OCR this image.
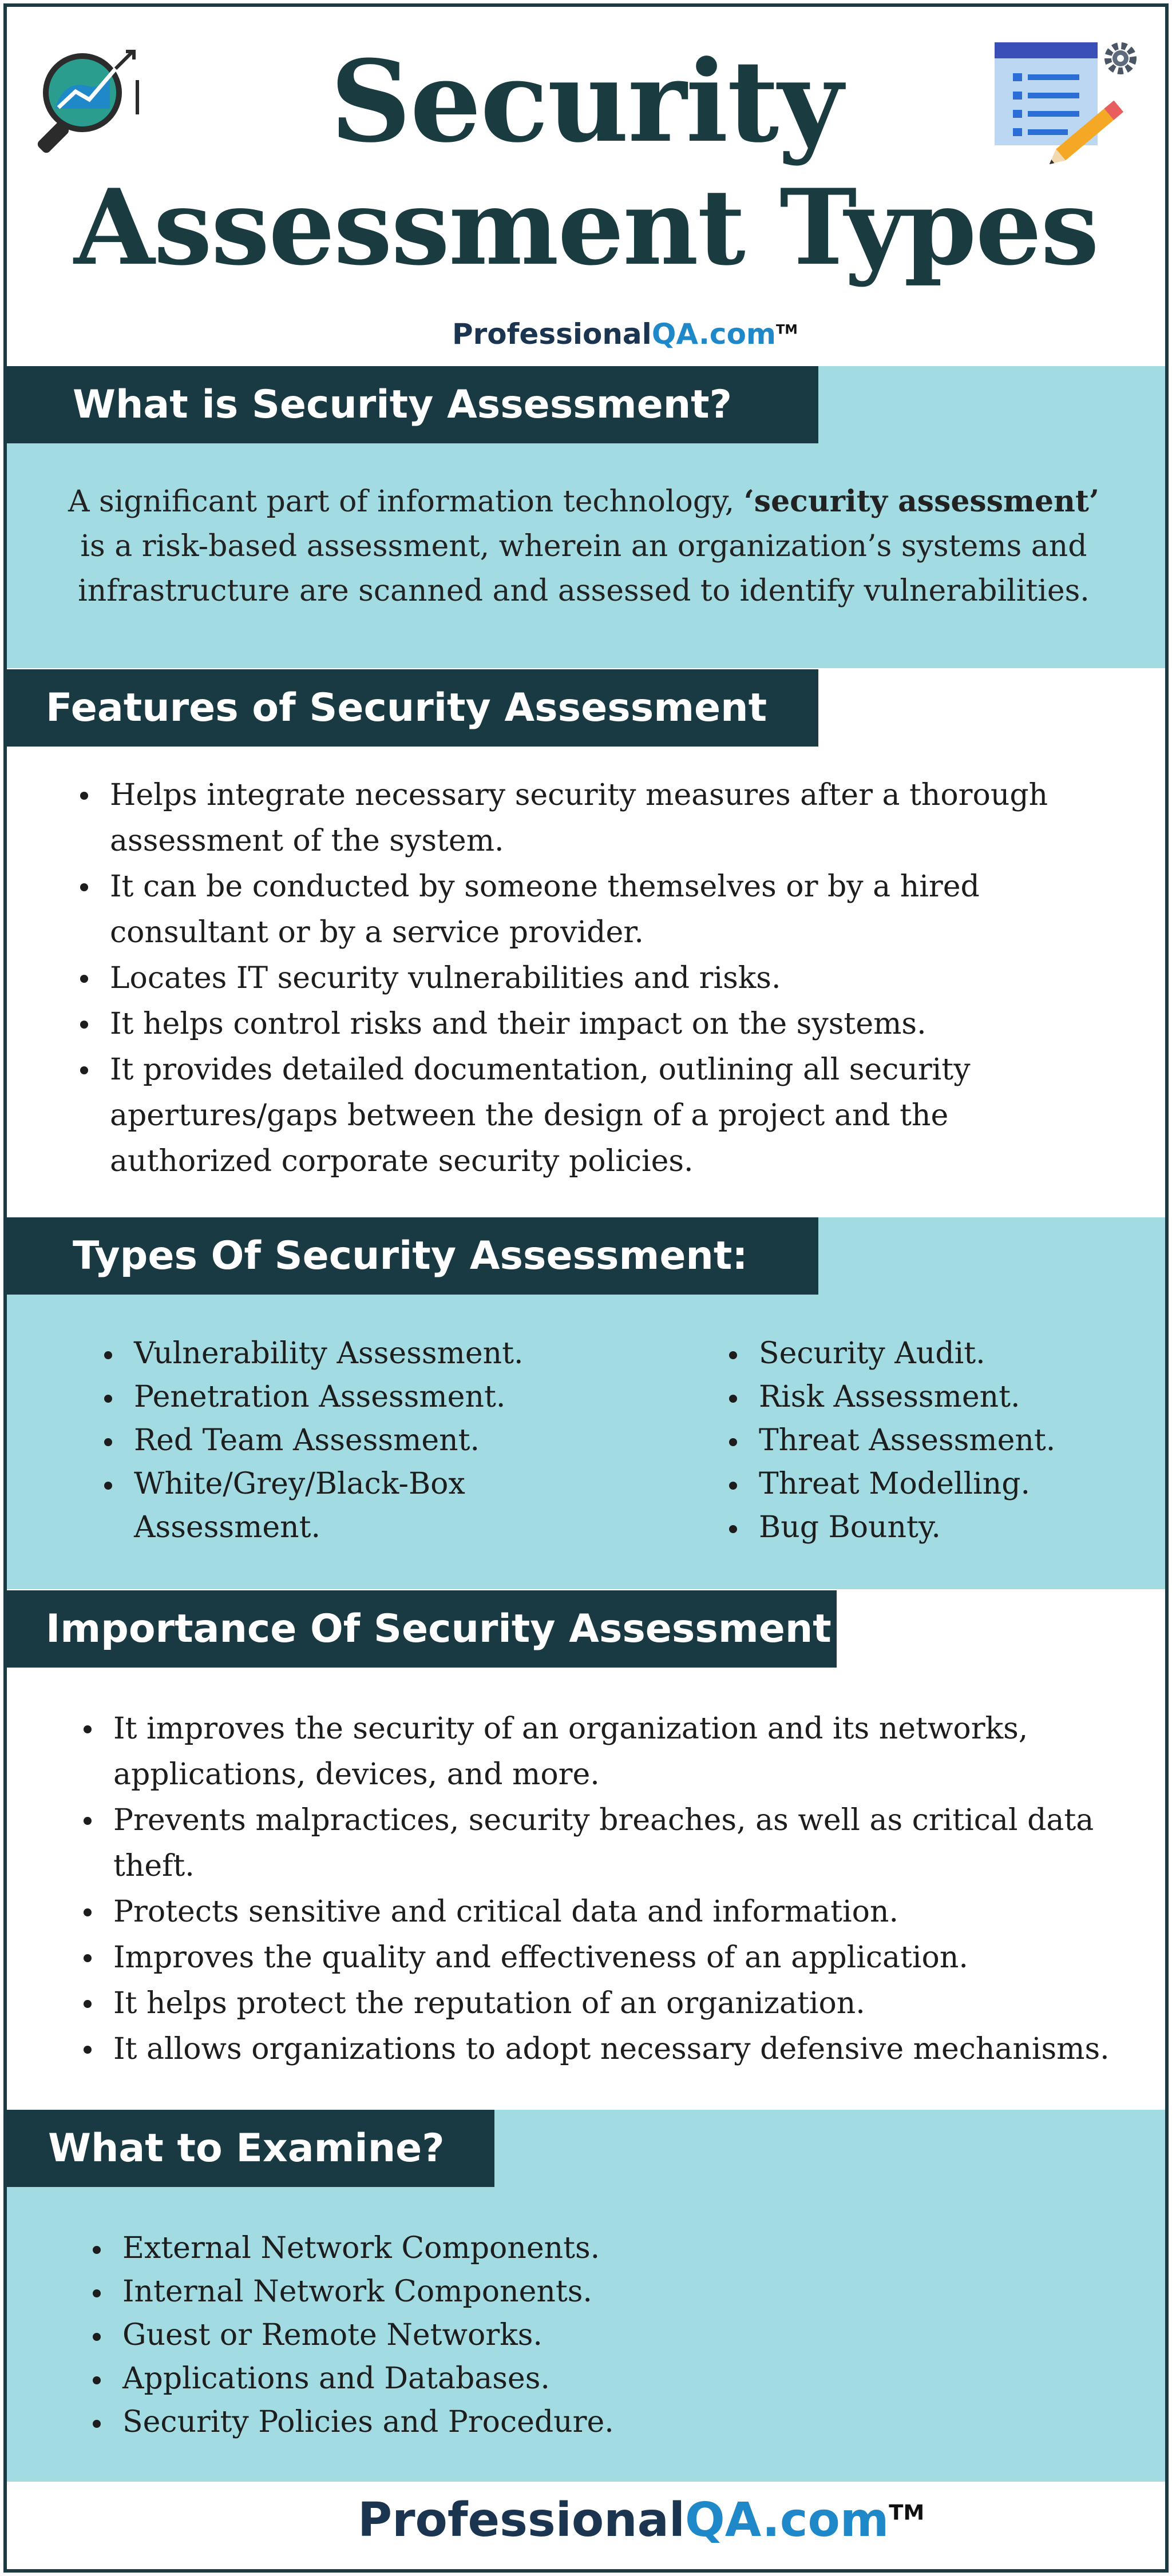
Security
Assessment Types
ProfessionalQA.com™
What is Security Assessment?
A significant part of information technology, ‘security assessment’ is a risk-based assessment, wherein an organization’s systems and infrastructure are scanned and assessed to identify vulnerabilities.
Features of Security Assessment
Helps integrate necessary security measures after a thorough assessment of the system.
It can be conducted by someone themselves or by a hired consultant or by a service provider.
Locates IT security vulnerabilities and risks.
It helps control risks and their impact on the systems.
It provides detailed documentation, outlining all security apertures/gaps between the design of a project and the authorized corporate security policies.
Types Of Security Assessment:
Vulnerability Assessment.
Penetration Assessment.
Red Team Assessment.
White/Grey/Black-Box Assessment.
Security Audit.
Risk Assessment.
Threat Assessment.
Threat Modelling.
Bug Bounty.
Importance Of Security Assessment
It improves the security of an organization and its networks, applications, devices, and more.
Prevents malpractices, security breaches, as well as critical data theft.
Protects sensitive and critical data and information.
Improves the quality and effectiveness of an application.
It helps protect the reputation of an organization.
It allows organizations to adopt necessary defensive mechanisms.
What to Examine?
External Network Components.
Internal Network Components.
Guest or Remote Networks.
Applications and Databases.
Security Policies and Procedure.
ProfessionalQA.com™
